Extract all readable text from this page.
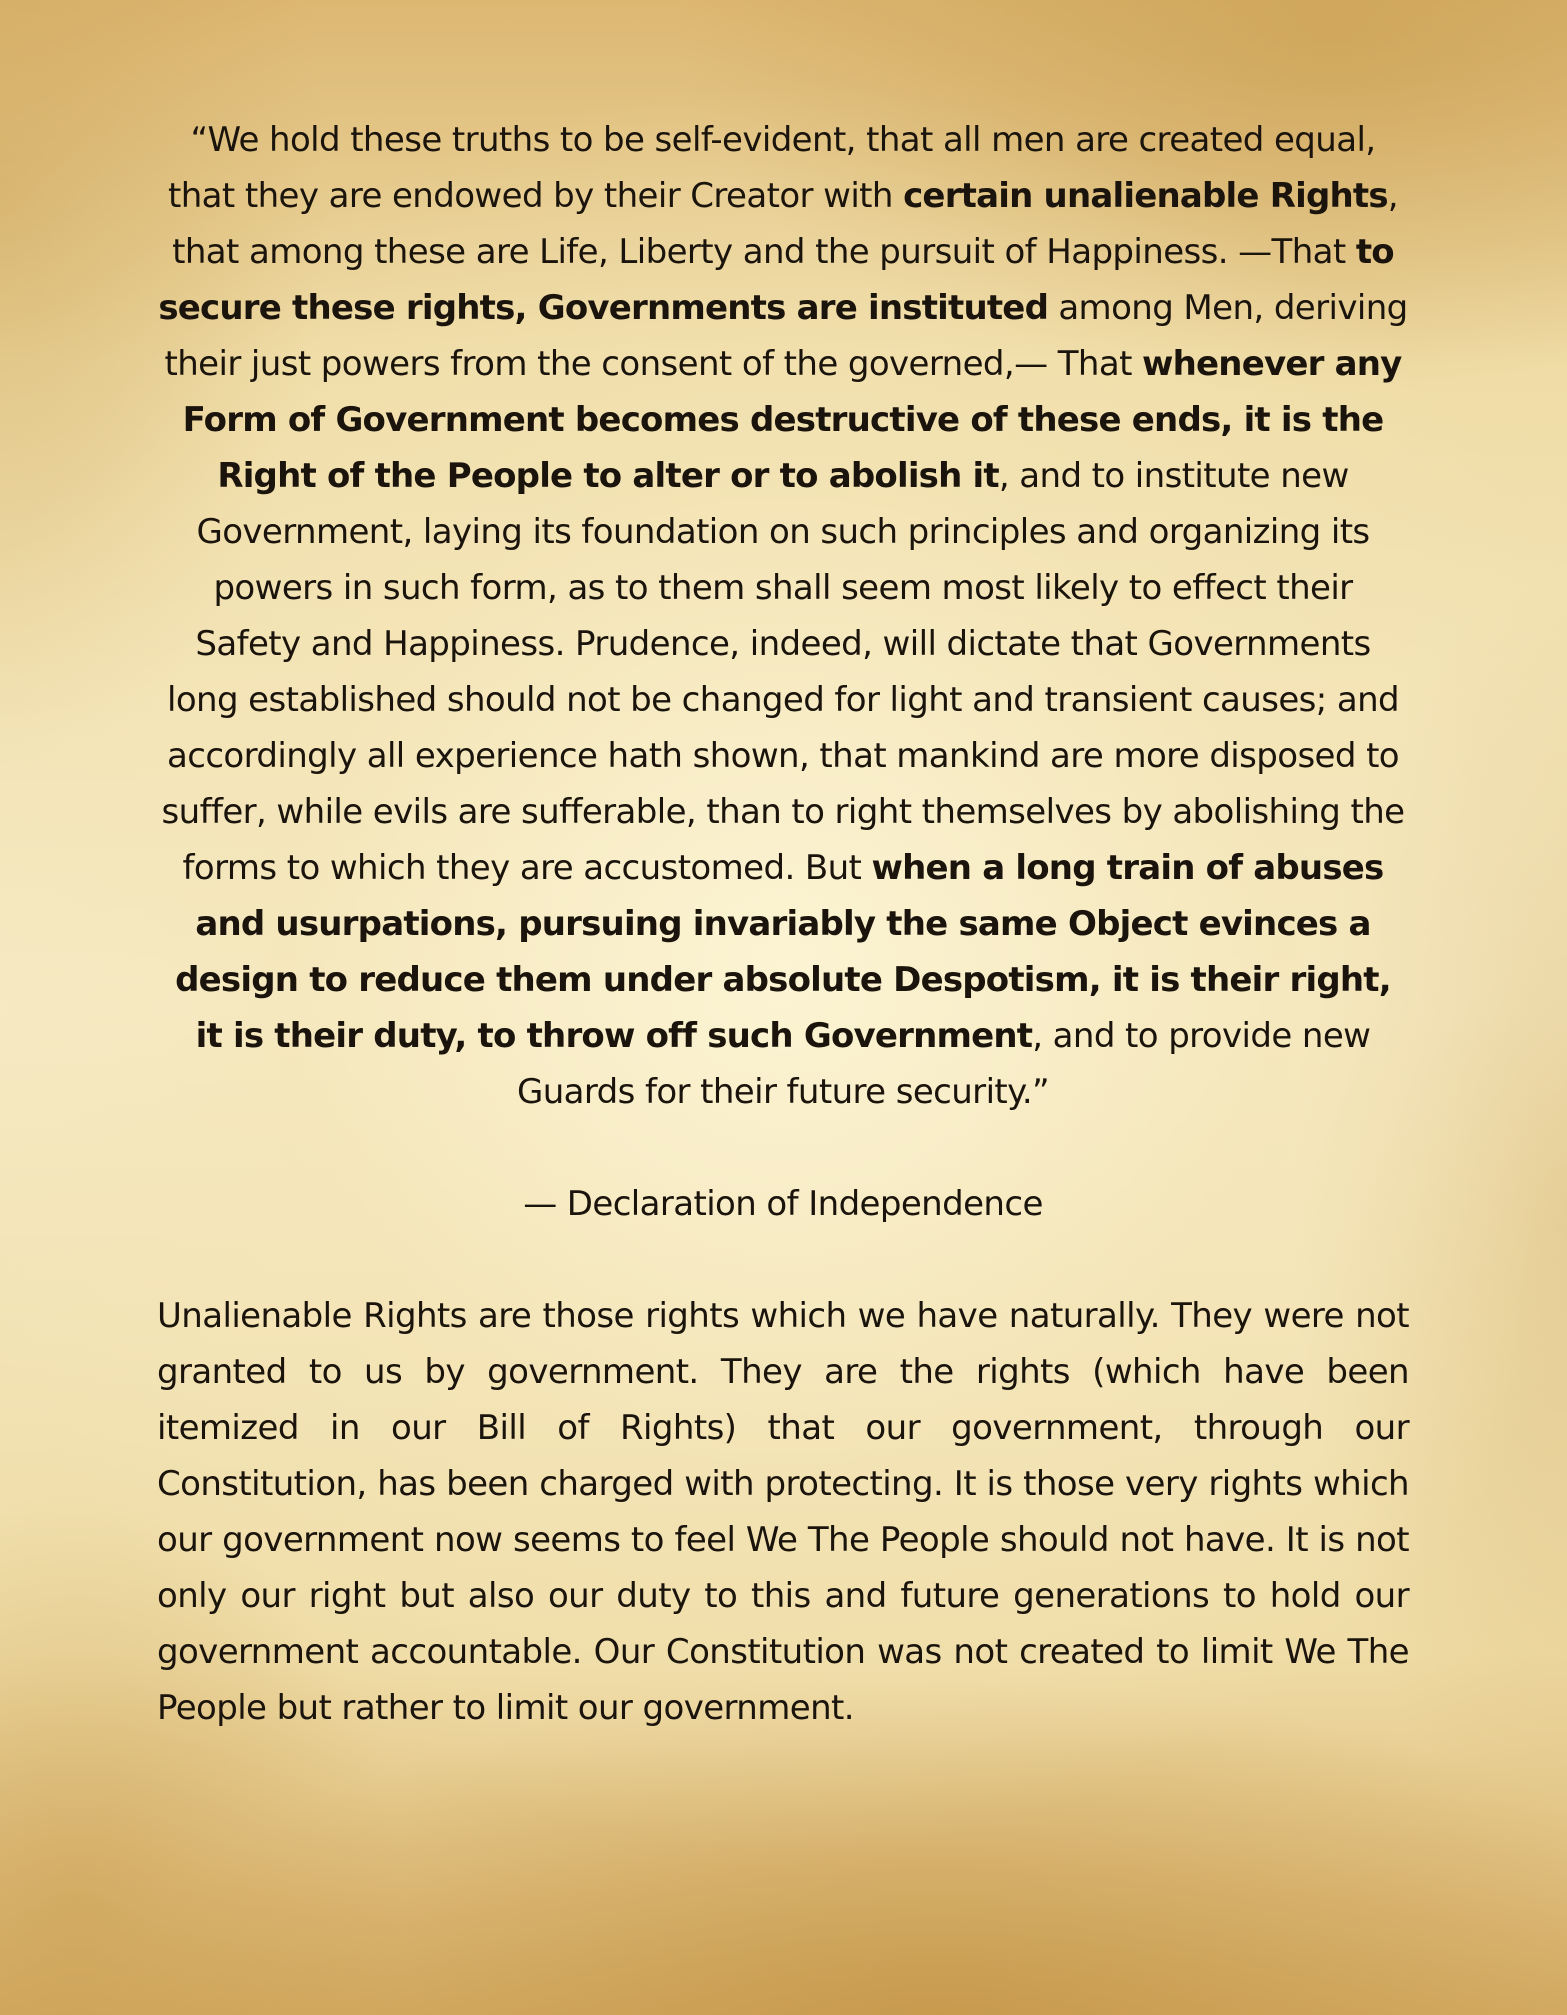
“We hold these truths to be self-evident, that all men are created equal, that they are endowed by their Creator with certain unalienable Rights, that among these are Life, Liberty and the pursuit of Happiness. —That to secure these rights, Governments are instituted among Men, deriving their just powers from the consent of the governed,— That whenever any Form of Government becomes destructive of these ends, it is the Right of the People to alter or to abolish it, and to institute new Government, laying its foundation on such principles and organizing its powers in such form, as to them shall seem most likely to effect their Safety and Happiness. Prudence, indeed, will dictate that Governments long established should not be changed for light and transient causes; and accordingly all experience hath shown, that mankind are more disposed to suffer, while evils are sufferable, than to right themselves by abolishing the forms to which they are accustomed. But when a long train of abuses and usurpations, pursuing invariably the same Object evinces a design to reduce them under absolute Despotism, it is their right, it is their duty, to throw off such Government, and to provide new Guards for their future security.”

— Declaration of Independence

Unalienable Rights are those rights which we have naturally. They were not granted to us by government. They are the rights (which have been itemized in our Bill of Rights) that our government, through our Constitution, has been charged with protecting. It is those very rights which our government now seems to feel We The People should not have. It is not only our right but also our duty to this and future generations to hold our government accountable. Our Constitution was not created to limit We The People but rather to limit our government.
